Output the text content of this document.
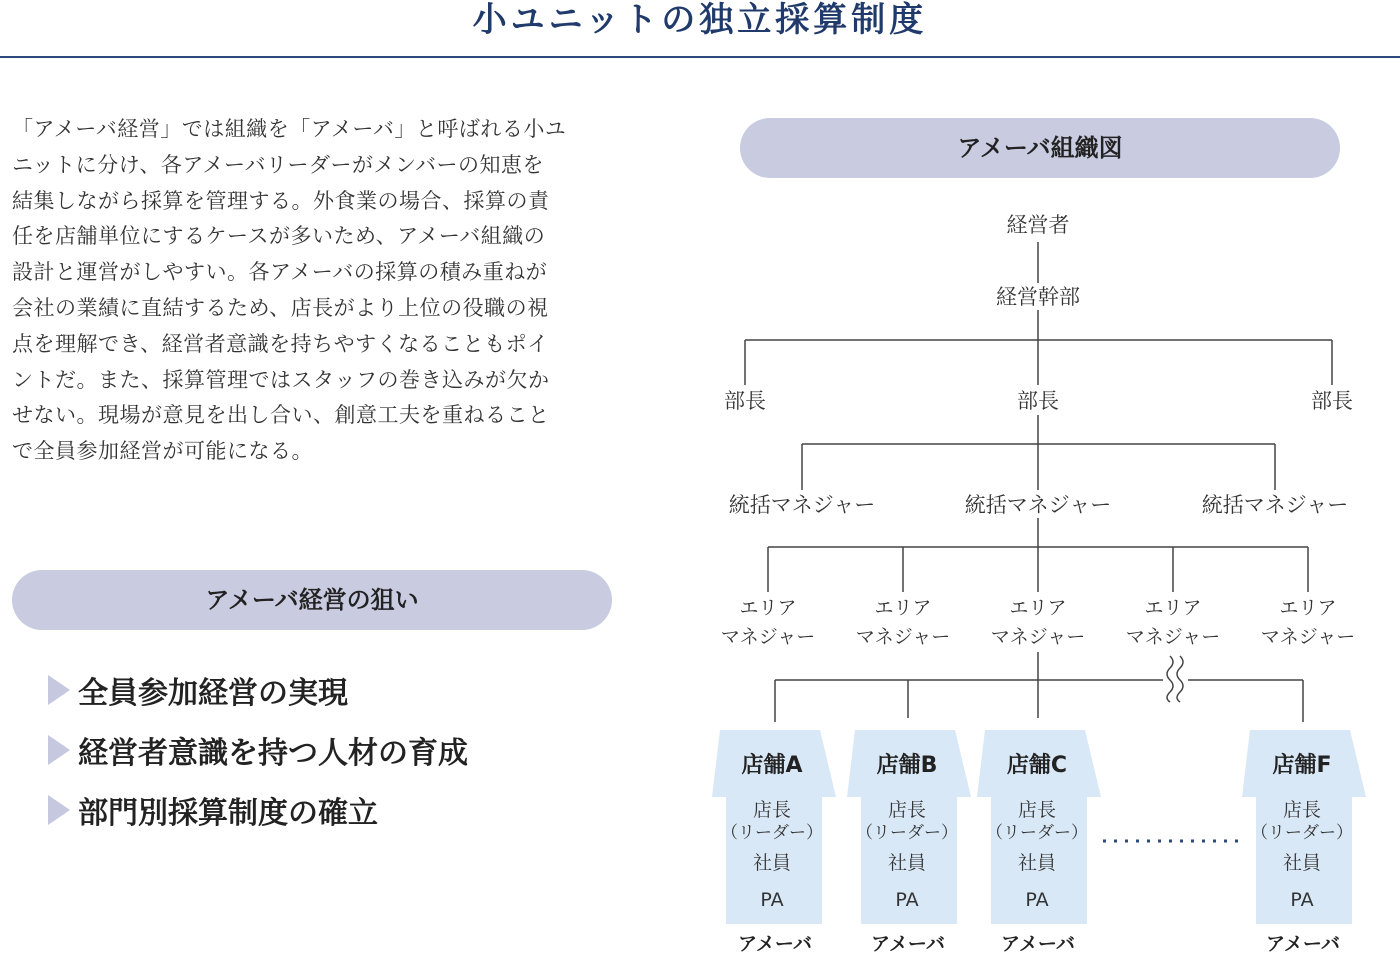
小ユニットの独立採算制度
「アメーバ経営」では組織を「アメーバ」と呼ばれる小ユ
ニットに分け、各アメーバリーダーがメンバーの知恵を
結集しながら採算を管理する。外食業の場合、採算の責
任を店舗単位にするケースが多いため、アメーバ組織の
設計と運営がしやすい。各アメーバの採算の積み重ねが
会社の業績に直結するため、店長がより上位の役職の視
点を理解でき、経営者意識を持ちやすくなることもポイ
ントだ。また、採算管理ではスタッフの巻き込みが欠か
せない。現場が意見を出し合い、創意工夫を重ねること
で全員参加経営が可能になる。
アメーバ経営の狙い
全員参加経営の実現
経営者意識を持つ人材の育成
部門別採算制度の確立
アメーバ組織図
経営者
経営幹部
部長	部長	部長
統括マネジャー	統括マネジャー	統括マネジャー
エリア
マネジャー
エリア
マネジャー
エリア
マネジャー
エリア
マネジャー
エリア
マネジャー
店舗A
店長
（リーダー）
社員
PA
アメーバ
店舗B
店長
（リーダー）
社員
PA
アメーバ
店舗C
店長
（リーダー）
社員
PA
アメーバ
店舗F
店長
（リーダー）
社員
PA
アメーバ
